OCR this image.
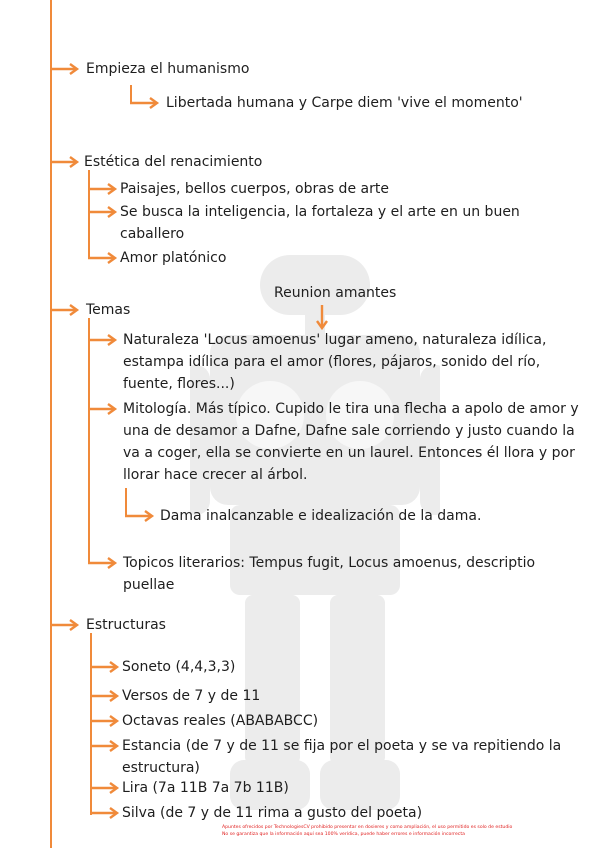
Empieza el humanismo
Estética del renacimiento
Temas
Estructuras
Libertada humana y Carpe diem 'vive el momento'
Paisajes, bellos cuerpos, obras de arte
Se busca la inteligencia, la fortaleza y el arte en un buen caballero
Amor platónico
Reunion amantes
Naturaleza 'Locus amoenus' lugar ameno, naturaleza idílica, estampa idílica para el amor (flores, pájaros, sonido del río, fuente, flores...)
Mitología. Más típico. Cupido le tira una flecha a apolo de amor y una de desamor a Dafne, Dafne sale corriendo y justo cuando la va a coger, ella se convierte en un laurel. Entonces él llora y por llorar hace crecer al árbol.
Topicos literarios: Tempus fugit, Locus amoenus, descriptio puellae
Dama inalcanzable e idealización de la dama.
Soneto (4,4,3,3)
Versos de 7 y de 11
Octavas reales (ABABABCC)
Estancia (de 7 y de 11 se fija por el poeta y se va repitiendo la estructura)
Lira (7a 11B 7a 7b 11B)
Silva (de 7 y de 11 rima a gusto del poeta)
Apuntes ofrecidos por TechnologiesCV prohibido presentar en dosieres y como ampliación, el uso permitido es solo de estudio
No se garantiza que la información aquí sea 100% verídica, puede haber errores e información incorrecta
